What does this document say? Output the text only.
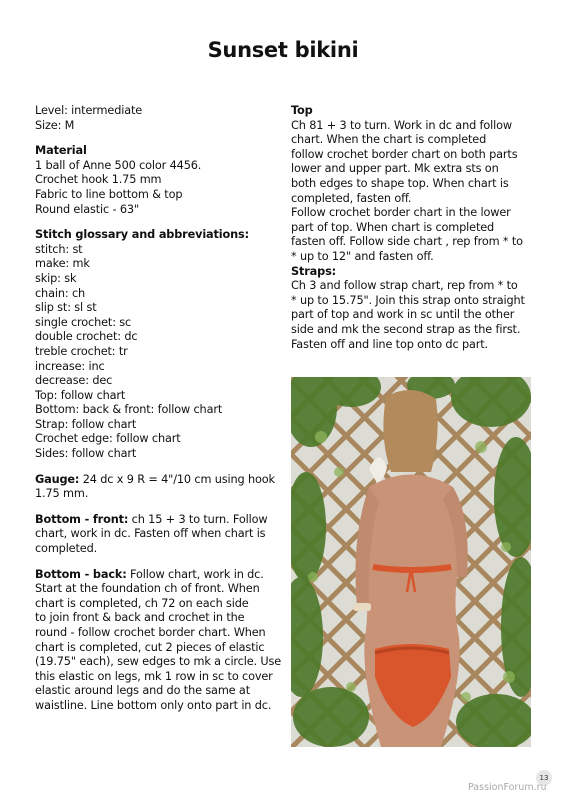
Sunset bikini
Level: intermediate
Size: M
Material
1 ball of Anne 500 color 4456.
Crochet hook 1.75 mm
Fabric to line bottom & top
Round elastic - 63"
Stitch glossary and abbreviations:
stitch: st
make: mk
skip: sk
chain: ch
slip st: sl st
single crochet: sc
double crochet: dc
treble crochet: tr
increase: inc
decrease: dec
Top: follow chart
Bottom: back & front: follow chart
Strap: follow chart
Crochet edge: follow chart
Sides: follow chart
Gauge: 24 dc x 9 R = 4"/10 cm using hook
1.75 mm.
Bottom - front: ch 15 + 3 to turn. Follow
chart, work in dc. Fasten off when chart is
completed.
Bottom - back: Follow chart, work in dc.
Start at the foundation ch of front. When
chart is completed, ch 72 on each side
to join front & back and crochet in the
round - follow crochet border chart. When
chart is completed, cut 2 pieces of elastic
(19.75" each), sew edges to mk a circle. Use
this elastic on legs, mk 1 row in sc to cover
elastic around legs and do the same at
waistline. Line bottom only onto part in dc.
Top
Ch 81 + 3 to turn. Work in dc and follow
chart. When the chart is completed
follow crochet border chart on both parts
lower and upper part. Mk extra sts on
both edges to shape top. When chart is
completed, fasten off.
Follow crochet border chart in the lower
part of top. When chart is completed
fasten off. Follow side chart , rep from * to
* up to 12" and fasten off.
Straps:
Ch 3 and follow strap chart, rep from * to
* up to 15.75". Join this strap onto straight
part of top and work in sc until the other
side and mk the second strap as the first.
Fasten off and line top onto dc part.
13
PassionForum.ru
